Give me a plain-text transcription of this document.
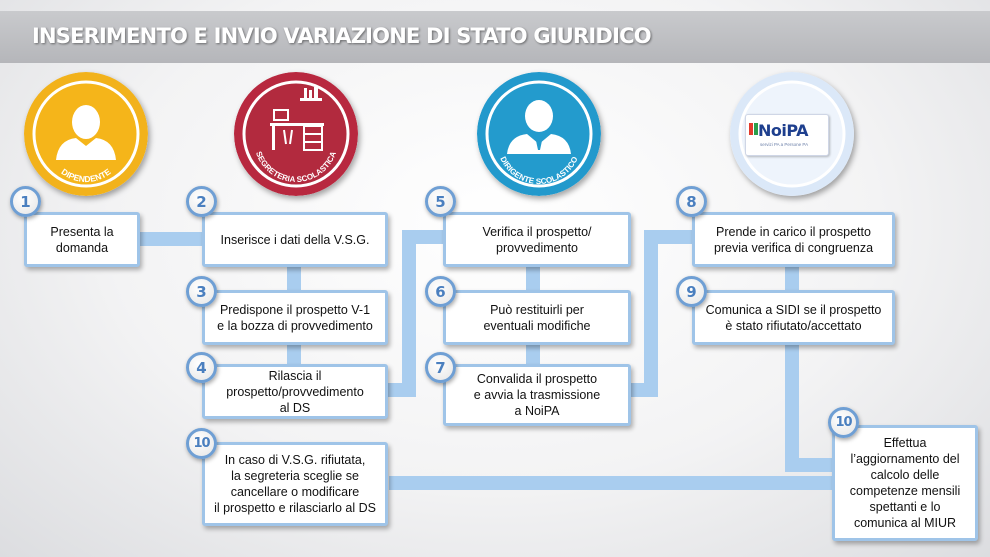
INSERIMENTO E INVIO VARIAZIONE DI STATO GIURIDICO
DIPENDENTE
SEGRETERIA SCOLASTICA
DIRIGENTE SCOLASTICO
NoiPA
servizi PA a Persone PA
Presenta la
domanda
Inserisce i dati della V.S.G.
Predispone il prospetto V-1
e la bozza di provvedimento
Rilascia il
prospetto/provvedimento
al DS
In caso di V.S.G. rifiutata,
la segreteria sceglie se
cancellare o modificare
il prospetto e rilasciarlo al DS
Verifica il prospetto/
provvedimento
Può restituirli per
eventuali modifiche
Convalida il prospetto
e avvia la trasmissione
a NoiPA
Prende in carico il prospetto
previa verifica di congruenza
Comunica a SIDI se il prospetto
è stato rifiutato/accettato
Effettua
l’aggiornamento del
calcolo delle
competenze mensili
spettanti e lo
comunica al MIUR
1	2
3
4
10
5
6
7
8
9
10
